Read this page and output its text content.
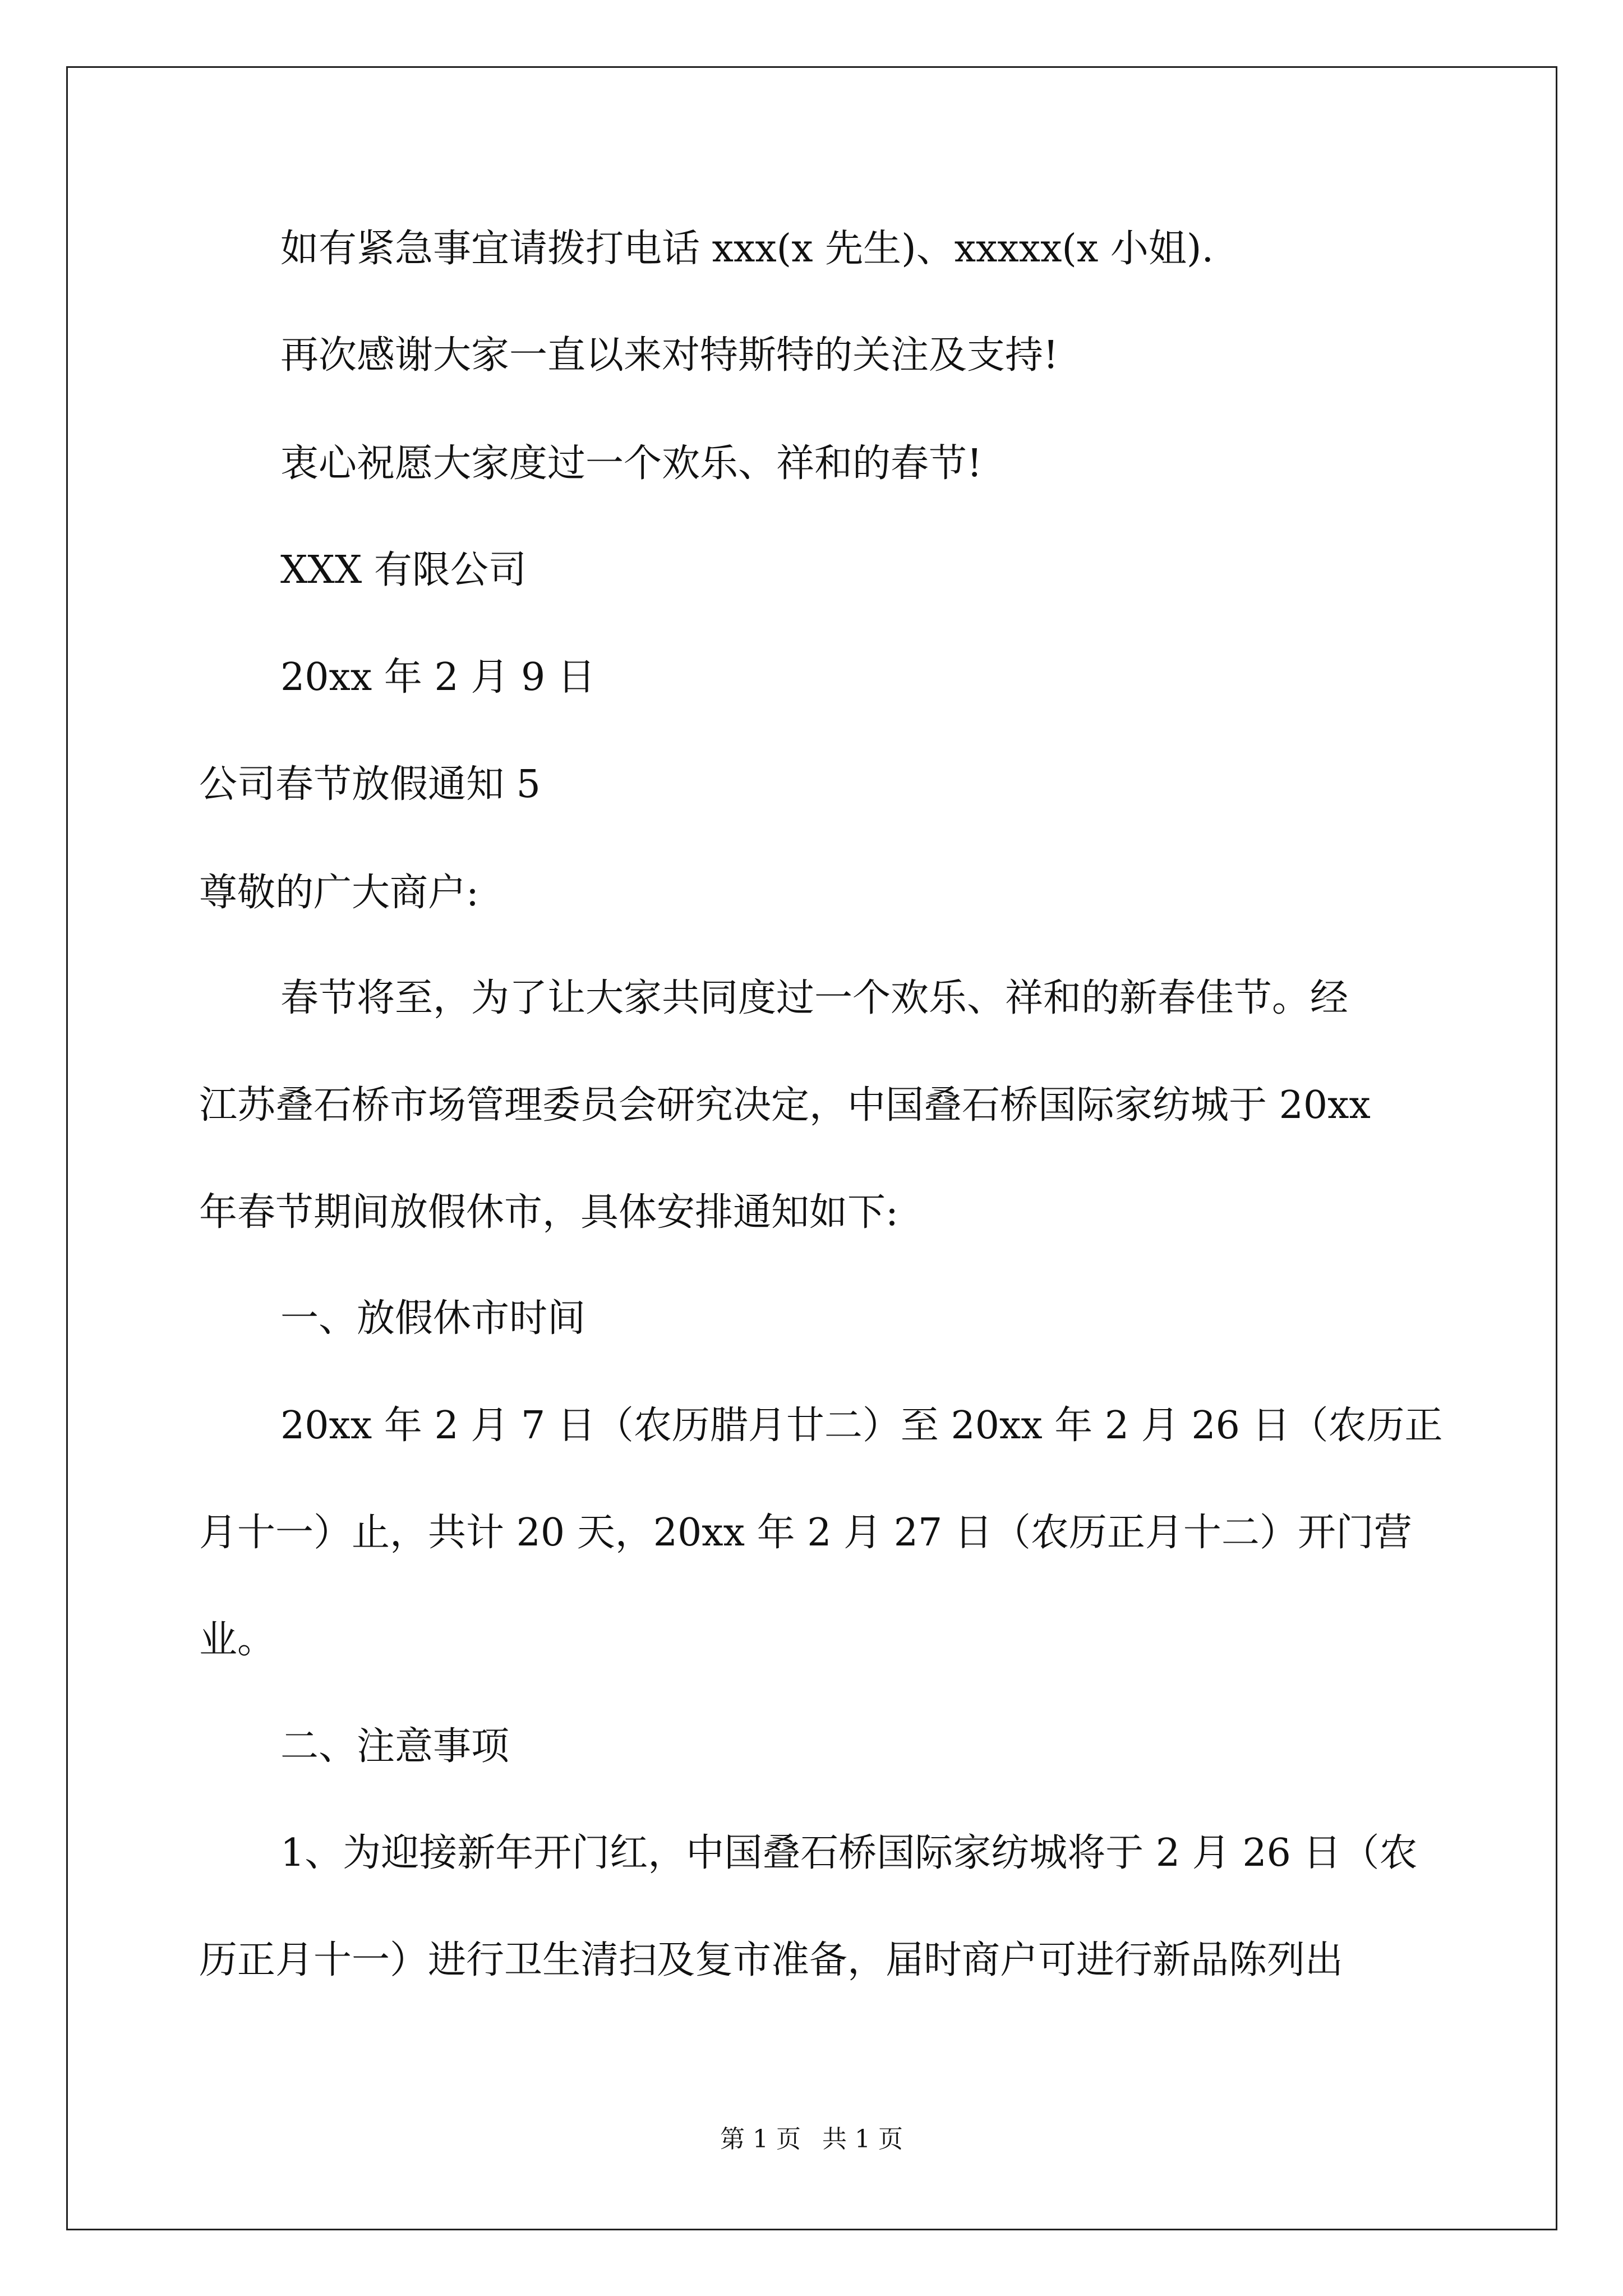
如有紧急事宜请拨打电话 xxx(x 先生)、xxxxx(x 小姐).
再次感谢大家一直以来对特斯特的关注及支持!
衷心祝愿大家度过一个欢乐、祥和的春节!
XXX 有限公司
20xx 年 2 月 9 日
公司春节放假通知 5
尊敬的广大商户:
春节将至，为了让大家共同度过一个欢乐、祥和的新春佳节。经
江苏叠石桥市场管理委员会研究决定，中国叠石桥国际家纺城于 20xx
年春节期间放假休市，具体安排通知如下:
一、放假休市时间
20xx 年 2 月 7 日（农历腊月廿二）至 20xx 年 2 月 26 日（农历正
月十一）止，共计 20 天，20xx 年 2 月 27 日（农历正月十二）开门营
业。
二、注意事项
1、为迎接新年开门红，中国叠石桥国际家纺城将于 2 月 26 日（农
历正月十一）进行卫生清扫及复市准备，届时商户可进行新品陈列出
第 1 页 共 1 页
